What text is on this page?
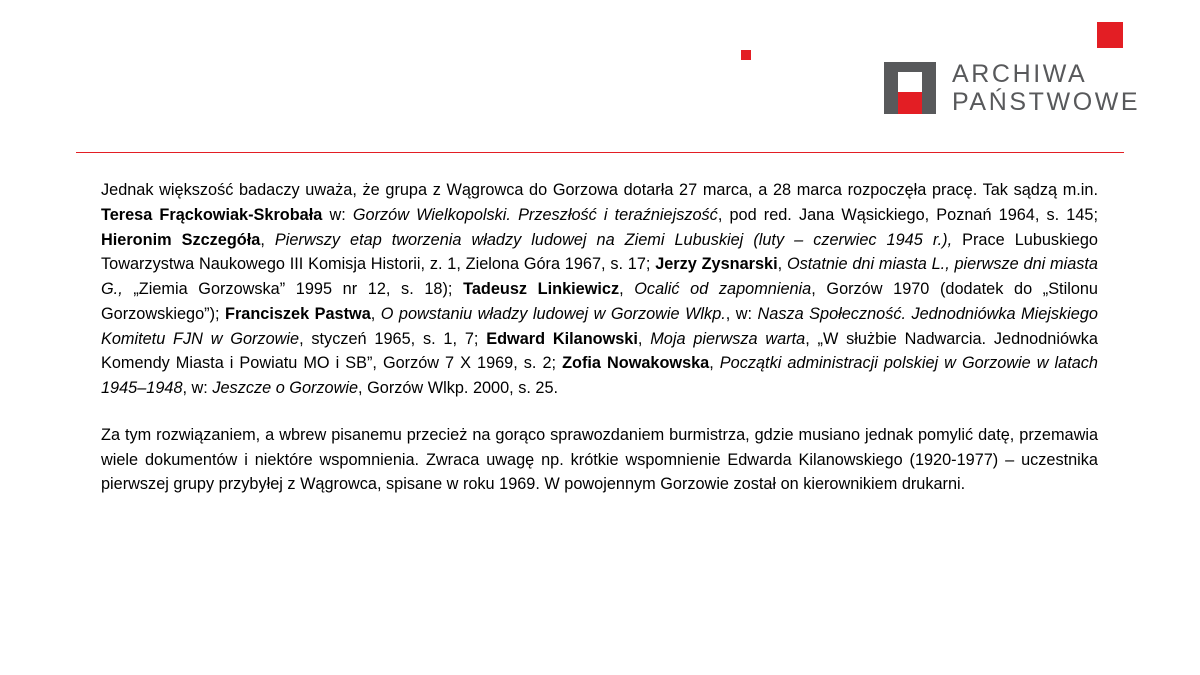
ARCHIWA
PAŃSTWOWE

Jednak większość badaczy uważa, że grupa z Wągrowca do Gorzowa dotarła 27 marca, a 28 marca rozpoczęła pracę. Tak sądzą m.in. Teresa Frąckowiak-Skrobała w: Gorzów Wielkopolski. Przeszłość i teraźniejszość, pod red. Jana Wąsickiego, Poznań 1964, s. 145; Hieronim Szczegóła, Pierwszy etap tworzenia władzy ludowej na Ziemi Lubuskiej (luty – czerwiec 1945 r.), Prace Lubuskiego Towarzystwa Naukowego III Komisja Historii, z. 1, Zielona Góra 1967, s. 17; Jerzy Zysnarski, Ostatnie dni miasta L., pierwsze dni miasta G., „Ziemia Gorzowska” 1995 nr 12, s. 18); Tadeusz Linkiewicz, Ocalić od zapomnienia, Gorzów 1970 (dodatek do „Stilonu Gorzowskiego”); Franciszek Pastwa, O powstaniu władzy ludowej w Gorzowie Wlkp., w: Nasza Społeczność. Jednodniówka Miejskiego Komitetu FJN w Gorzowie, styczeń 1965, s. 1, 7; Edward Kilanowski, Moja pierwsza warta, „W służbie Nadwarcia. Jednodniówka Komendy Miasta i Powiatu MO i SB”, Gorzów 7 X 1969, s. 2; Zofia Nowakowska, Początki administracji polskiej w Gorzowie w latach 1945–1948, w: Jeszcze o Gorzowie, Gorzów Wlkp. 2000, s. 25.

Za tym rozwiązaniem, a wbrew pisanemu przecież na gorąco sprawozdaniem burmistrza, gdzie musiano jednak pomylić datę, przemawia wiele dokumentów i niektóre wspomnienia. Zwraca uwagę np. krótkie wspomnienie Edwarda Kilanowskiego (1920-1977) – uczestnika pierwszej grupy przybyłej z Wągrowca, spisane w roku 1969. W powojennym Gorzowie został on kierownikiem drukarni.
